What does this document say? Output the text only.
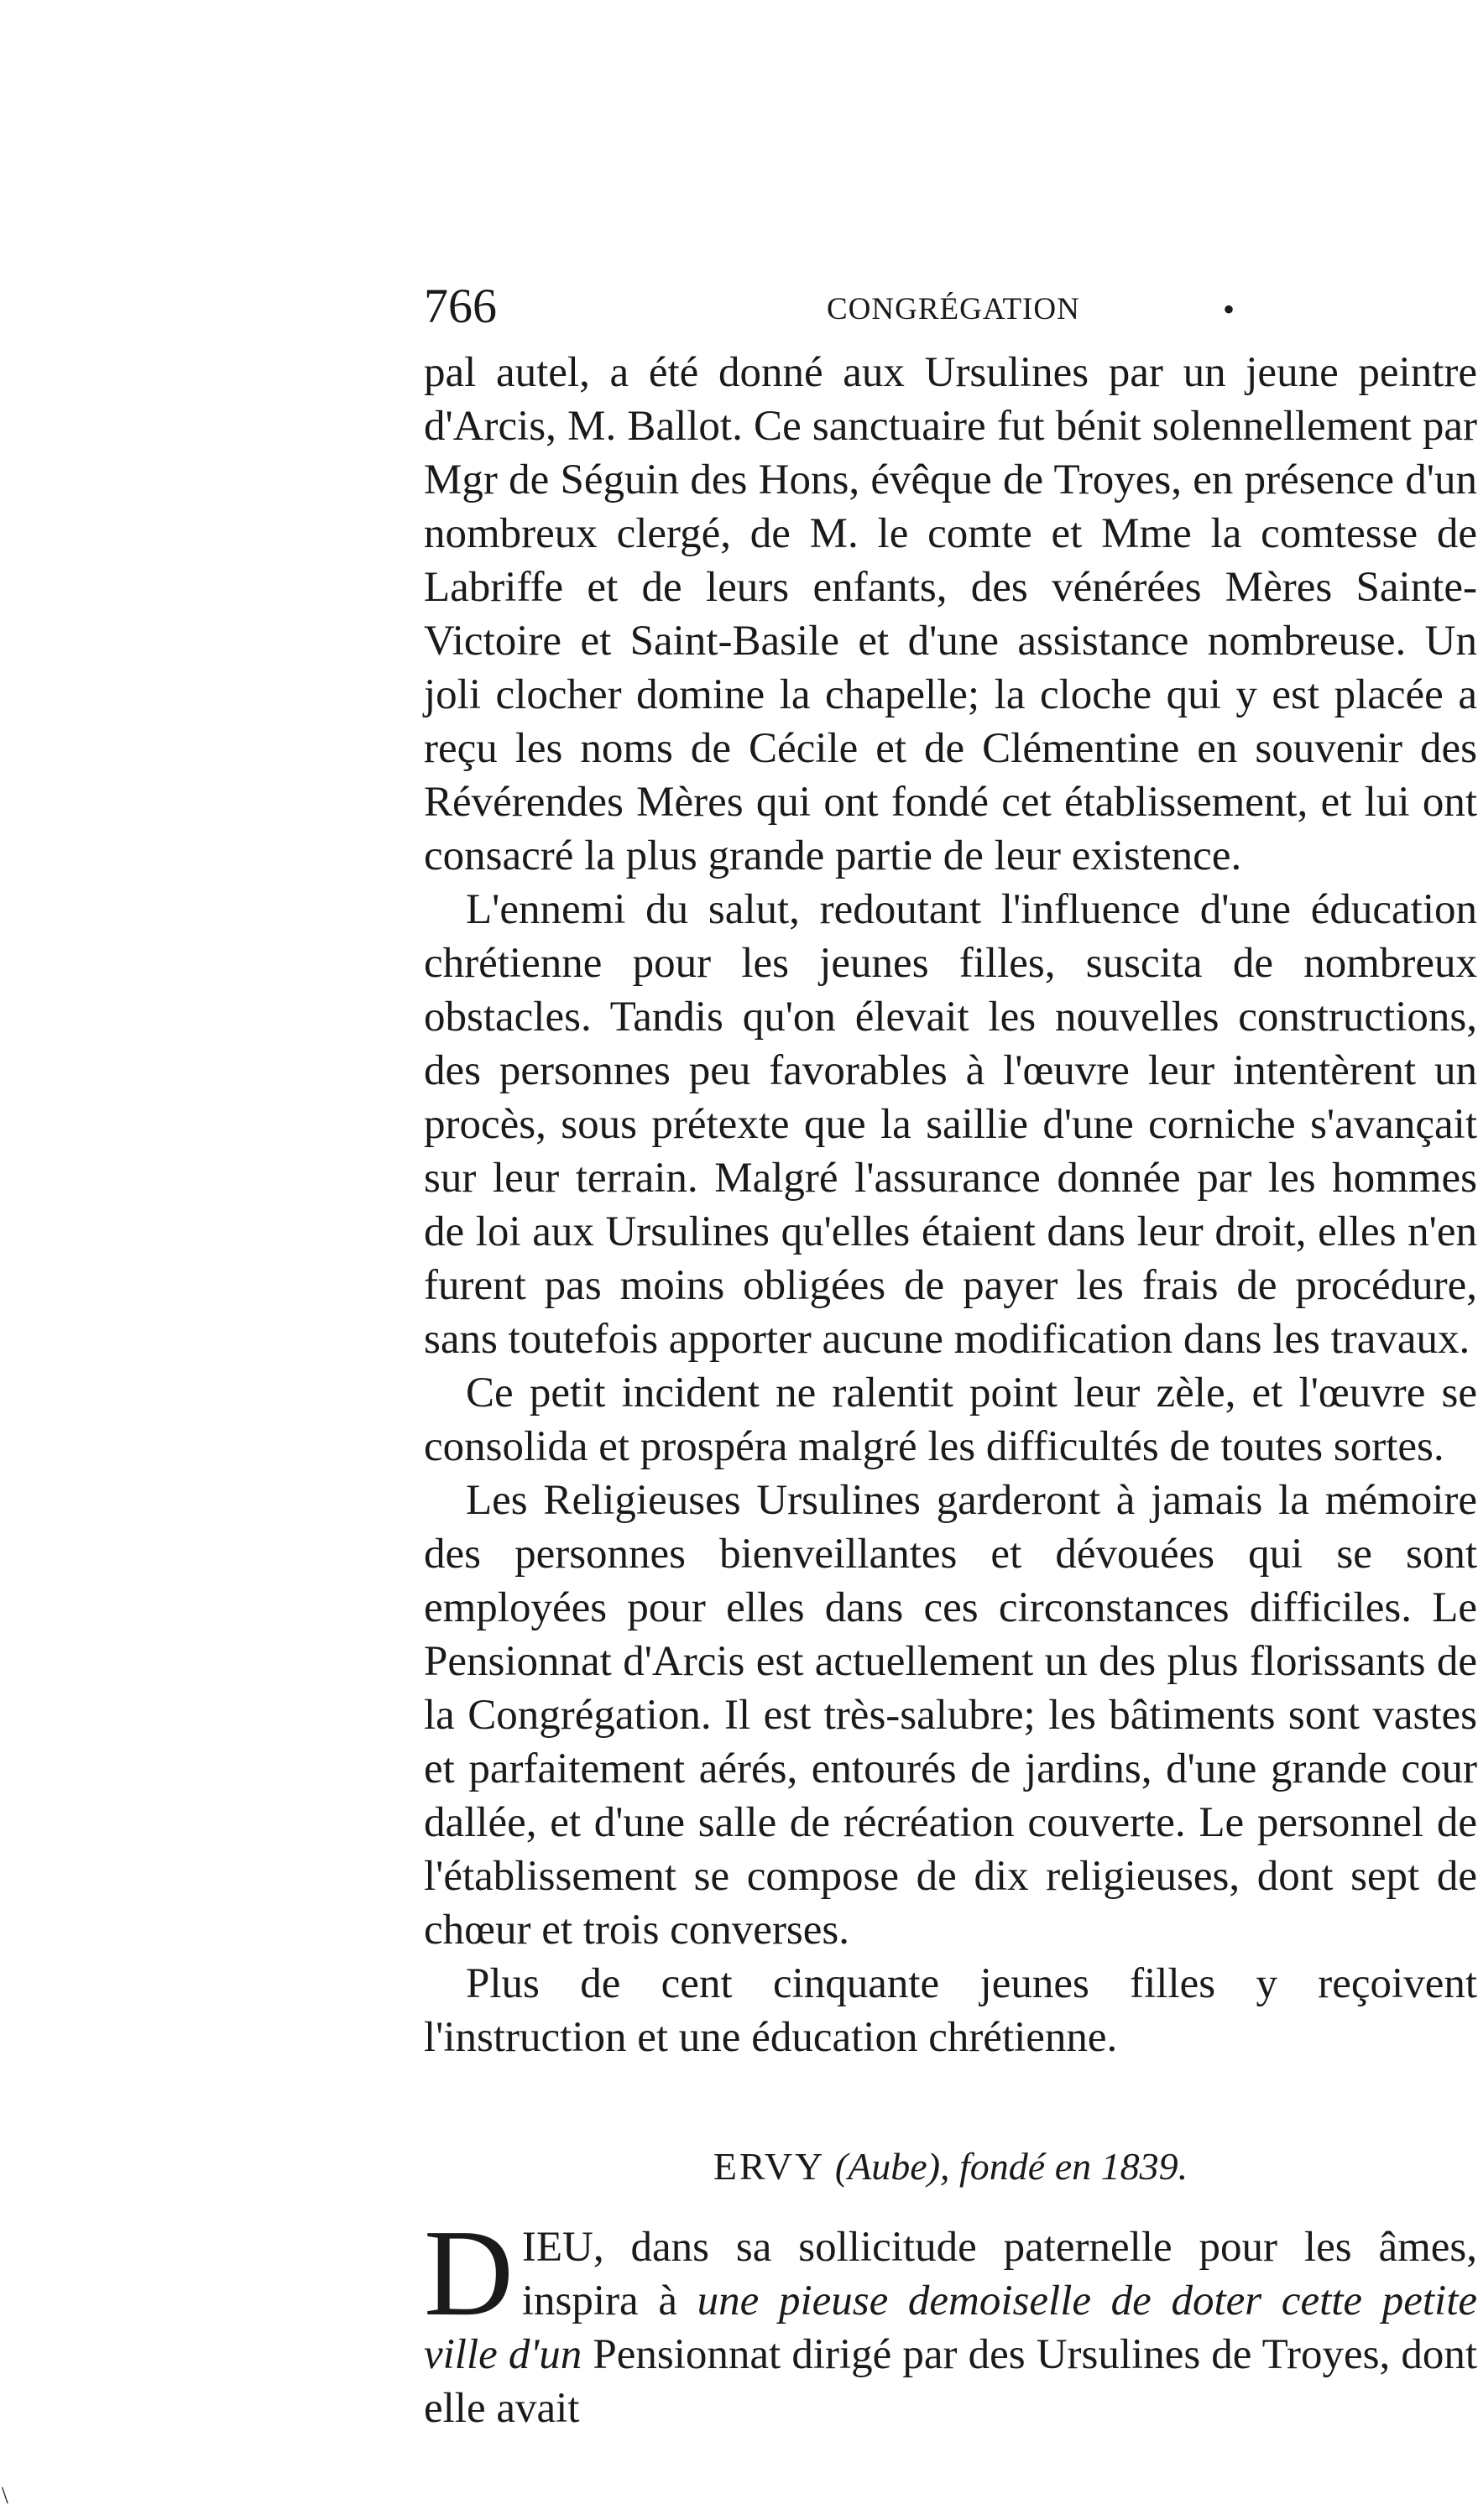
766	CONGRÉGATION	•

pal autel, a été donné aux Ursulines par un jeune peintre d'Arcis, M. Ballot. Ce sanctuaire fut bénit solennellement par Mgr de Séguin des Hons, évêque de Troyes, en présence d'un nombreux clergé, de M. le comte et Mme la comtesse de Labriffe et de leurs enfants, des vénérées Mères Sainte-Victoire et Saint-Basile et d'une assistance nombreuse. Un joli clocher domine la chapelle; la cloche qui y est placée a reçu les noms de Cécile et de Clémentine en souvenir des Révérendes Mères qui ont fondé cet établissement, et lui ont consacré la plus grande partie de leur existence.

L'ennemi du salut, redoutant l'influence d'une éducation chrétienne pour les jeunes filles, suscita de nombreux obstacles. Tandis qu'on élevait les nouvelles constructions, des personnes peu favorables à l'œuvre leur intentèrent un procès, sous prétexte que la saillie d'une corniche s'avançait sur leur terrain. Malgré l'assurance donnée par les hommes de loi aux Ursulines qu'elles étaient dans leur droit, elles n'en furent pas moins obligées de payer les frais de procédure, sans toutefois apporter aucune modification dans les travaux.

Ce petit incident ne ralentit point leur zèle, et l'œuvre se consolida et prospéra malgré les difficultés de toutes sortes.

Les Religieuses Ursulines garderont à jamais la mémoire des personnes bienveillantes et dévouées qui se sont employées pour elles dans ces circonstances difficiles. Le Pensionnat d'Arcis est actuellement un des plus florissants de la Congrégation. Il est très-salubre; les bâtiments sont vastes et parfaitement aérés, entourés de jardins, d'une grande cour dallée, et d'une salle de récréation couverte. Le personnel de l'établissement se compose de dix religieuses, dont sept de chœur et trois converses.

Plus de cent cinquante jeunes filles y reçoivent l'instruction et une éducation chrétienne.

ERVY (Aube), fondé en 1839.

DIEU, dans sa sollicitude paternelle pour les âmes, inspira à une pieuse demoiselle de doter cette petite ville d'un Pensionnat dirigé par des Ursulines de Troyes, dont elle avait

\
